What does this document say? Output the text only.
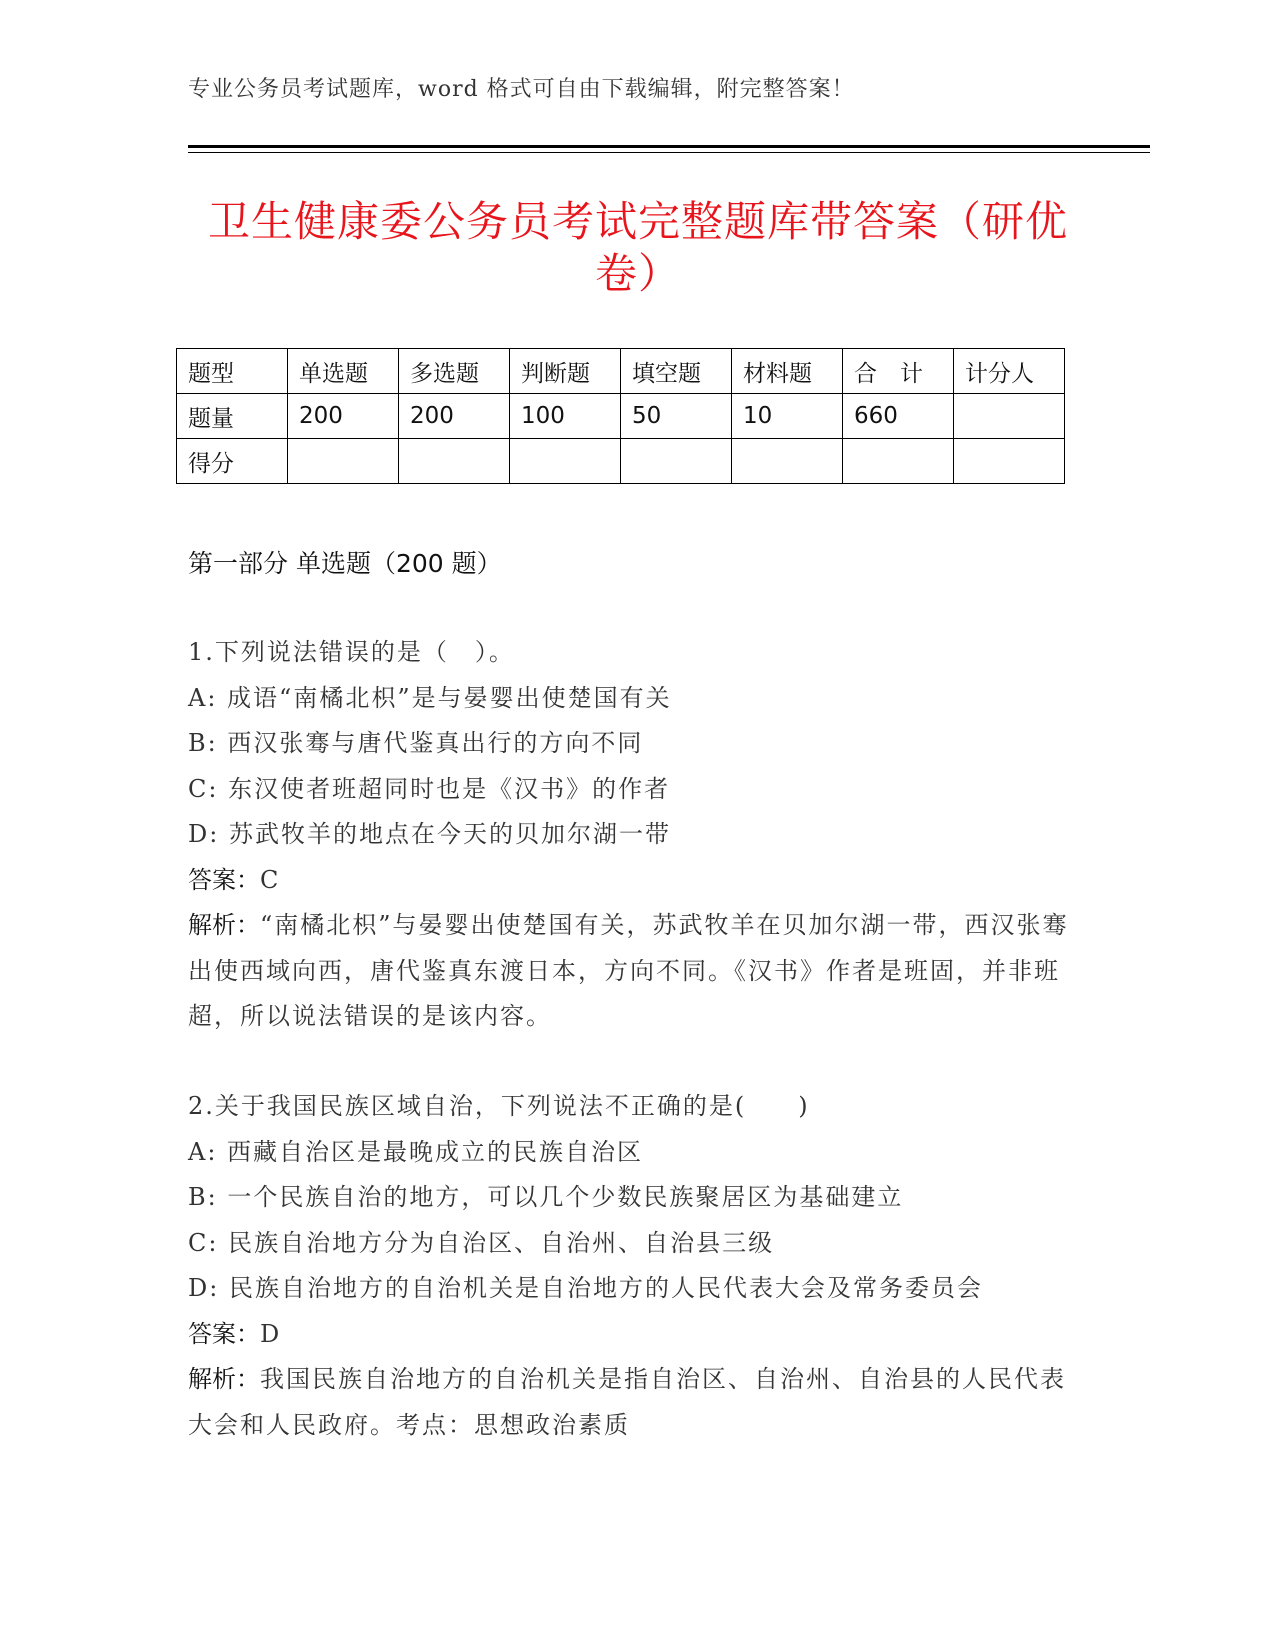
专业公务员考试题库，word 格式可自由下载编辑，附完整答案！
卫生健康委公务员考试完整题库带答案（研优卷）
题型	单选题	多选题	判断题	填空题	材料题	合　计	计分人
题量	200	200	100	50	10	660	
得分							
第一部分 单选题（200 题）
1.下列说法错误的是（　）。
A: 成语“南橘北枳”是与晏婴出使楚国有关
B: 西汉张骞与唐代鉴真出行的方向不同
C: 东汉使者班超同时也是《汉书》的作者
D: 苏武牧羊的地点在今天的贝加尔湖一带
答案：C
解析：“南橘北枳”与晏婴出使楚国有关，苏武牧羊在贝加尔湖一带，西汉张骞出使西域向西，唐代鉴真东渡日本，方向不同。《汉书》作者是班固，并非班超，所以说法错误的是该内容。
2.关于我国民族区域自治，下列说法不正确的是(　　)
A: 西藏自治区是最晚成立的民族自治区
B: 一个民族自治的地方，可以几个少数民族聚居区为基础建立
C: 民族自治地方分为自治区、自治州、自治县三级
D: 民族自治地方的自治机关是自治地方的人民代表大会及常务委员会
答案：D
解析：我国民族自治地方的自治机关是指自治区、自治州、自治县的人民代表大会和人民政府。考点：思想政治素质
